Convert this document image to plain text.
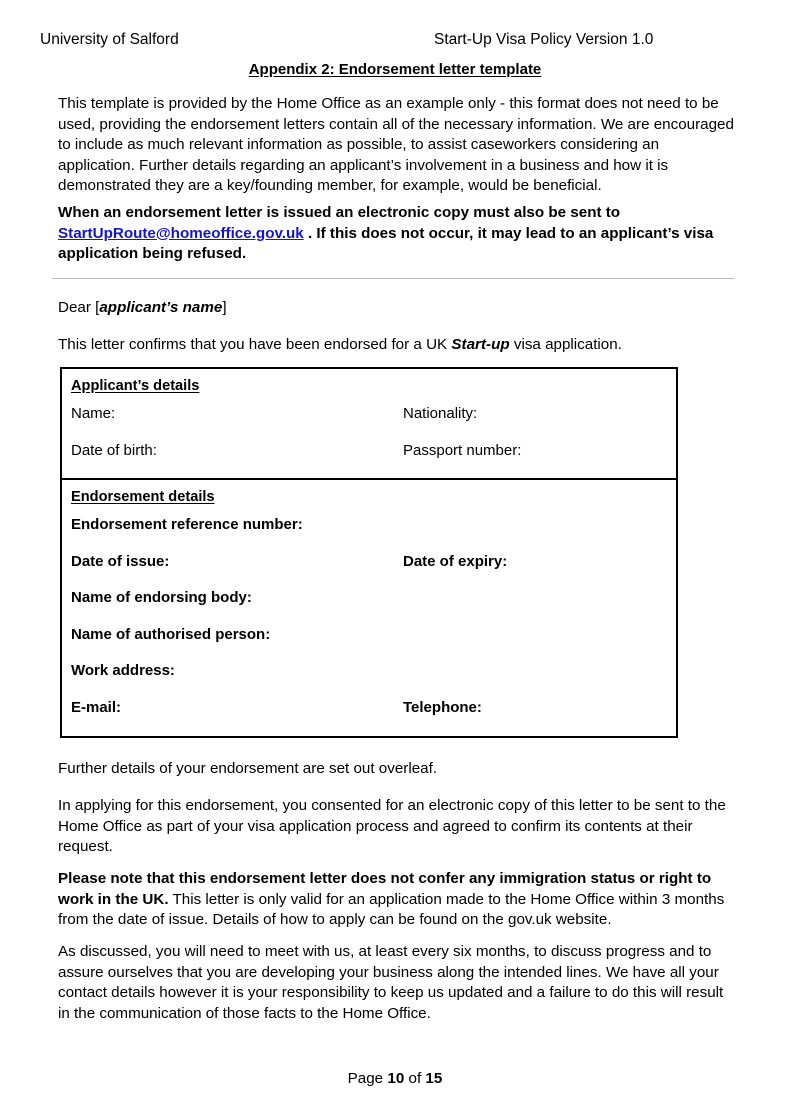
University of Salford	Start-Up Visa Policy Version 1.0
Appendix 2: Endorsement letter template

This template is provided by the Home Office as an example only - this format does not need to be used, providing the endorsement letters contain all of the necessary information. We are encouraged to include as much relevant information as possible, to assist caseworkers considering an application. Further details regarding an applicant’s involvement in a business and how it is demonstrated they are a key/founding member, for example, would be beneficial.

When an endorsement letter is issued an electronic copy must also be sent to StartUpRoute@homeoffice.gov.uk . If this does not occur, it may lead to an applicant’s visa application being refused.

Dear [applicant’s name]

This letter confirms that you have been endorsed for a UK Start-up visa application.

Applicant’s details
Name:	Nationality:
Date of birth:	Passport number:
Endorsement details
Endorsement reference number:
Date of issue:	Date of expiry:
Name of endorsing body:
Name of authorised person:
Work address:
E-mail:	Telephone:

Further details of your endorsement are set out overleaf.

In applying for this endorsement, you consented for an electronic copy of this letter to be sent to the Home Office as part of your visa application process and agreed to confirm its contents at their request.

Please note that this endorsement letter does not confer any immigration status or right to work in the UK. This letter is only valid for an application made to the Home Office within 3 months from the date of issue. Details of how to apply can be found on the gov.uk website.

As discussed, you will need to meet with us, at least every six months, to discuss progress and to assure ourselves that you are developing your business along the intended lines. We have all your contact details however it is your responsibility to keep us updated and a failure to do this will result in the communication of those facts to the Home Office.

Page 10 of 15
